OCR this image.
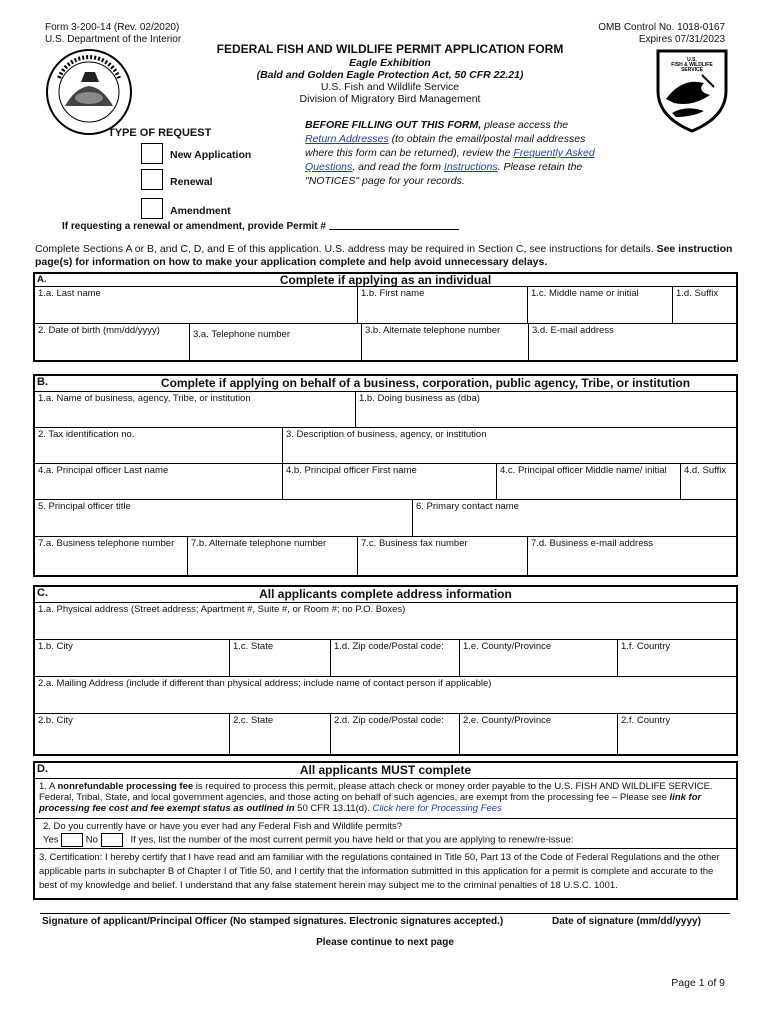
Form 3-200-14 (Rev. 02/2020)
U.S. Department of the Interior
OMB Control No. 1018-0167
Expires 07/31/2023
U.S.
FISH & WILDLIFE
SERVICE
FEDERAL FISH AND WILDLIFE PERMIT APPLICATION FORM
Eagle Exhibition
(Bald and Golden Eagle Protection Act, 50 CFR 22.21)
U.S. Fish and Wildlife Service
Division of Migratory Bird Management
TYPE OF REQUEST
New Application
Renewal
Amendment
If requesting a renewal or amendment, provide Permit #
BEFORE FILLING OUT THIS FORM, please access the Return Addresses (to obtain the email/postal mail addresses where this form can be returned), review the Frequently Asked Questions, and read the form Instructions. Please retain the "NOTICES" page for your records.
Complete Sections A or B, and C, D, and E of this application. U.S. address may be required in Section C, see instructions for details. See instruction page(s) for information on how to make your application complete and help avoid unnecessary delays.
A.	Complete if applying as an individual
1.a. Last name	1.b. First name	1.c. Middle name or initial	1.d. Suffix
2. Date of birth (mm/dd/yyyy)	3.a. Telephone number	3.b. Alternate telephone number	3.d. E-mail address
B.	Complete if applying on behalf of a business, corporation, public agency, Tribe, or institution
1.a. Name of business, agency, Tribe, or institution	1.b. Doing business as (dba)
2. Tax identification no.	3. Description of business, agency, or institution
4.a. Principal officer Last name	4.b. Principal officer First name	4.c. Principal officer Middle name/ initial	4.d. Suffix
5. Principal officer title	6. Primary contact name
7.a. Business telephone number	7.b. Alternate telephone number	7.c. Business fax number	7.d. Business e-mail address
C.	All applicants complete address information
1.a. Physical address (Street address; Apartment #, Suite #, or Room #; no P.O. Boxes)
1.b. City	1.c. State	1.d. Zip code/Postal code:	1.e. County/Province	1.f. Country
2.a. Mailing Address (include if different than physical address; include name of contact person if applicable)
2.b. City	2.c. State	2.d. Zip code/Postal code:	2.e. County/Province	2.f. Country
D.	All applicants MUST complete
1. A nonrefundable processing fee is required to process this permit, please attach check or money order payable to the U.S. FISH AND WILDLIFE SERVICE. Federal, Tribal, State, and local government agencies, and those acting on behalf of such agencies, are exempt from the processing fee – Please see link for processing fee cost and fee exempt status as outlined in 50 CFR 13.11(d). Click here for Processing Fees
2. Do you currently have or have you ever had any Federal Fish and Wildlife permits?
Yes	No	If yes, list the number of the most current permit you have held or that you are applying to renew/re-issue:
3. Certification: I hereby certify that I have read and am familiar with the regulations contained in Title 50, Part 13 of the Code of Federal Regulations and the other applicable parts in subchapter B of Chapter I of Title 50, and I certify that the information submitted in this application for a permit is complete and accurate to the best of my knowledge and belief. I understand that any false statement herein may subject me to the criminal penalties of 18 U.S.C. 1001.
Signature of applicant/Principal Officer (No stamped signatures. Electronic signatures accepted.)	Date of signature (mm/dd/yyyy)
Please continue to next page
Page 1 of 9
